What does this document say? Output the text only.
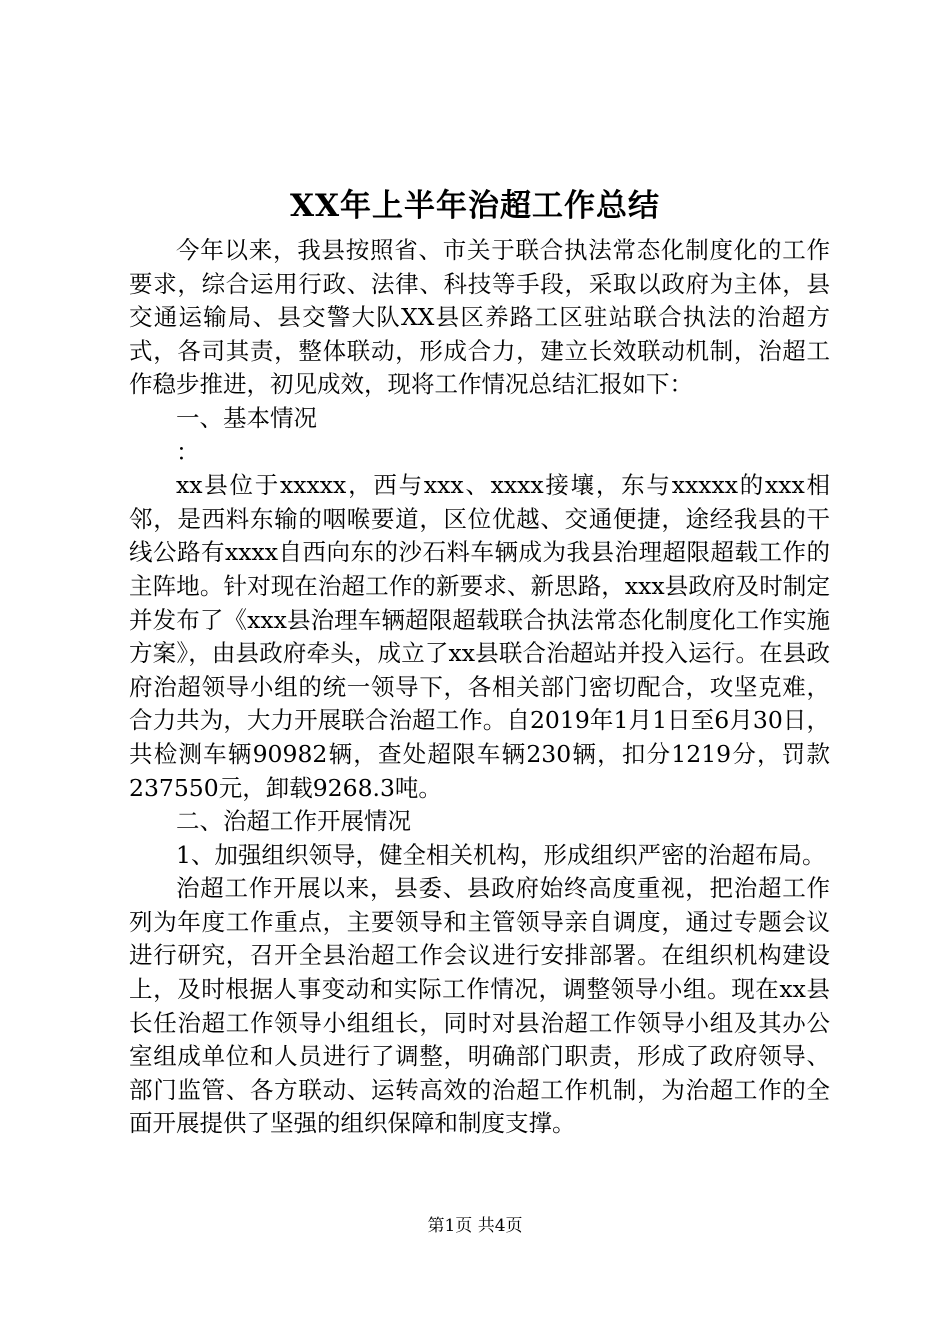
XX年上半年治超工作总结

今年以来，我县按照省、市关于联合执法常态化制度化的工作要求，综合运用行政、法律、科技等手段，采取以政府为主体，县交通运输局、县交警大队XX县区养路工区驻站联合执法的治超方式，各司其责，整体联动，形成合力，建立长效联动机制，治超工作稳步推进，初见成效，现将工作情况总结汇报如下：

一、基本情况

：

xx县位于xxxxx，西与xxx、xxxx接壤，东与xxxxx的xxx相邻，是西料东输的咽喉要道，区位优越、交通便捷，途经我县的干线公路有xxxx自西向东的沙石料车辆成为我县治理超限超载工作的主阵地。针对现在治超工作的新要求、新思路，xxx县政府及时制定并发布了《xxx县治理车辆超限超载联合执法常态化制度化工作实施方案》，由县政府牵头，成立了xx县联合治超站并投入运行。在县政府治超领导小组的统一领导下，各相关部门密切配合，攻坚克难，合力共为，大力开展联合治超工作。自2019年1月1日至6月30日，共检测车辆90982辆，查处超限车辆230辆，扣分1219分，罚款237550元，卸载9268.3吨。

二、治超工作开展情况

1、加强组织领导，健全相关机构，形成组织严密的治超布局。

治超工作开展以来，县委、县政府始终高度重视，把治超工作列为年度工作重点，主要领导和主管领导亲自调度，通过专题会议进行研究，召开全县治超工作会议进行安排部署。在组织机构建设上，及时根据人事变动和实际工作情况，调整领导小组。现在xx县长任治超工作领导小组组长，同时对县治超工作领导小组及其办公室组成单位和人员进行了调整，明确部门职责，形成了政府领导、部门监管、各方联动、运转高效的治超工作机制，为治超工作的全面开展提供了坚强的组织保障和制度支撑。

第1页 共4页
